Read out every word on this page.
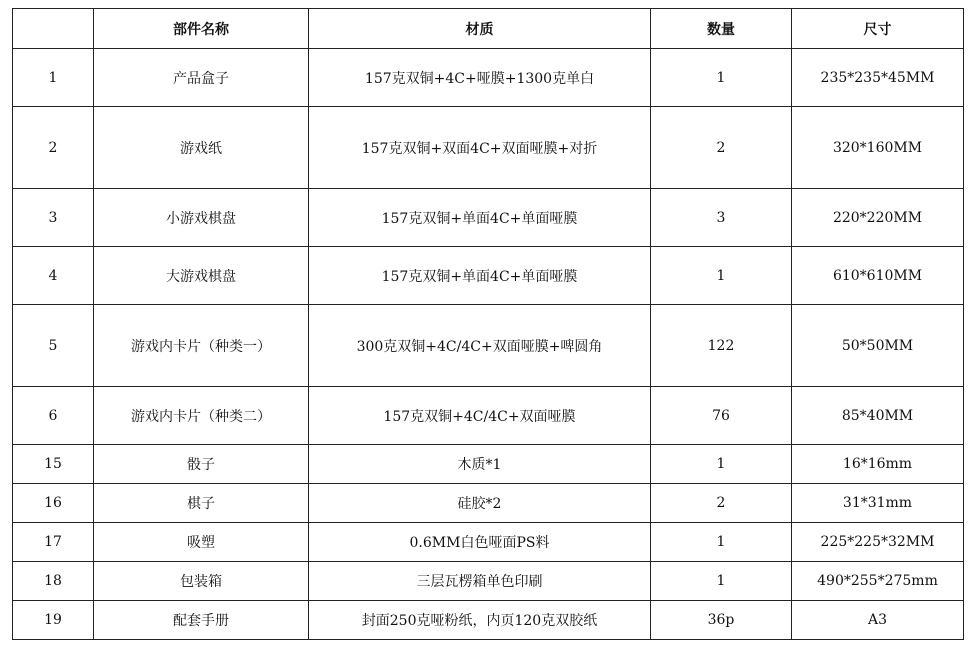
	部件名称	材质	数量	尺寸
1	产品盒子	157克双铜+4C+哑膜+1300克单白	1	235*235*45MM
2	游戏纸	157克双铜+双面4C+双面哑膜+对折	2	320*160MM
3	小游戏棋盘	157克双铜+单面4C+单面哑膜	3	220*220MM
4	大游戏棋盘	157克双铜+单面4C+单面哑膜	1	610*610MM
5	游戏内卡片（种类一）	300克双铜+4C/4C+双面哑膜+啤圆角	122	50*50MM
6	游戏内卡片（种类二）	157克双铜+4C/4C+双面哑膜	76	85*40MM
15	骰子	木质*1	1	16*16mm
16	棋子	硅胶*2	2	31*31mm
17	吸塑	0.6MM白色哑面PS料	1	225*225*32MM
18	包装箱	三层瓦楞箱单色印刷	1	490*255*275mm
19	配套手册	封面250克哑粉纸，内页120克双胶纸	36p	A3
